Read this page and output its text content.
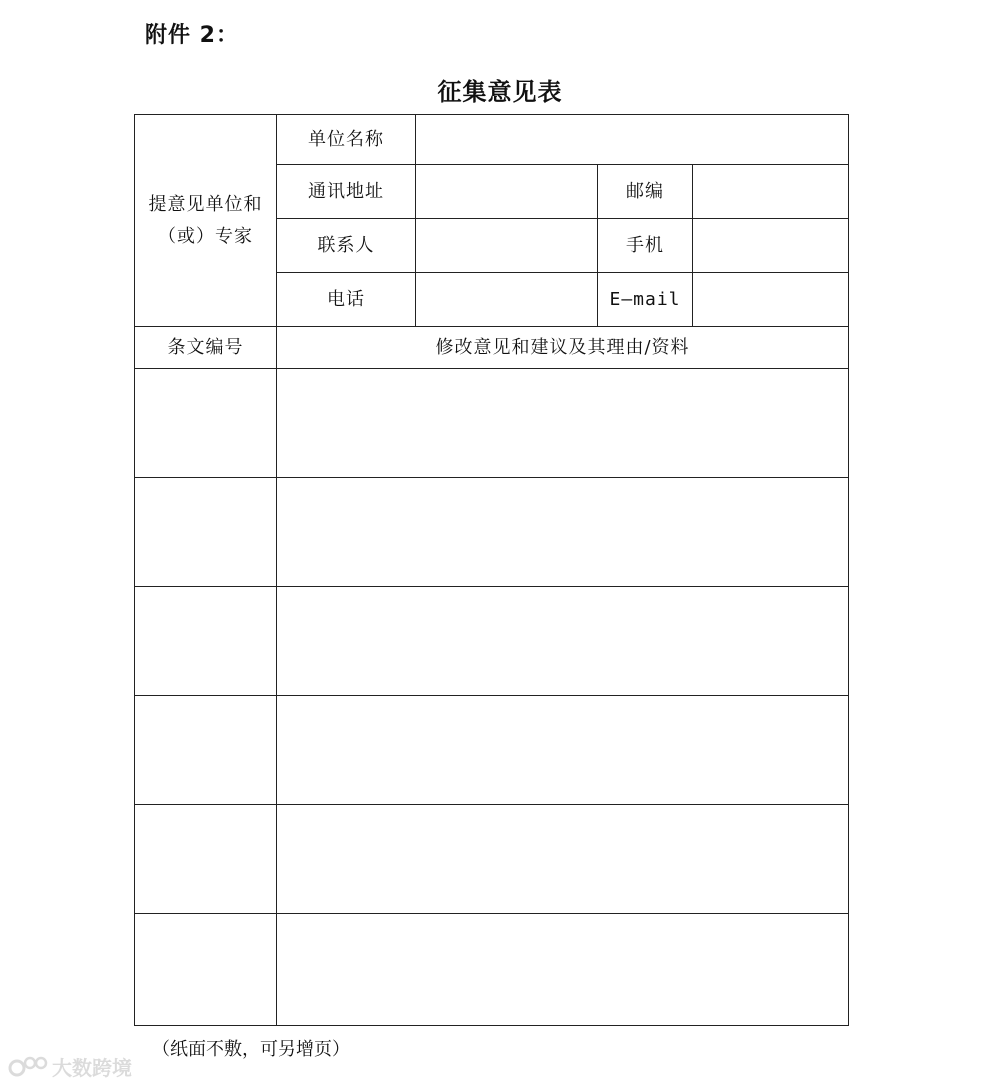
附件 2：
征集意见表
提意见单位和（或）专家	单位名称			
	通讯地址		邮编	
	联系人		手机	
	电话		E—mail	
条文编号	修改意见和建议及其理由/资料			

（纸面不敷，可另增页）
大数跨境
